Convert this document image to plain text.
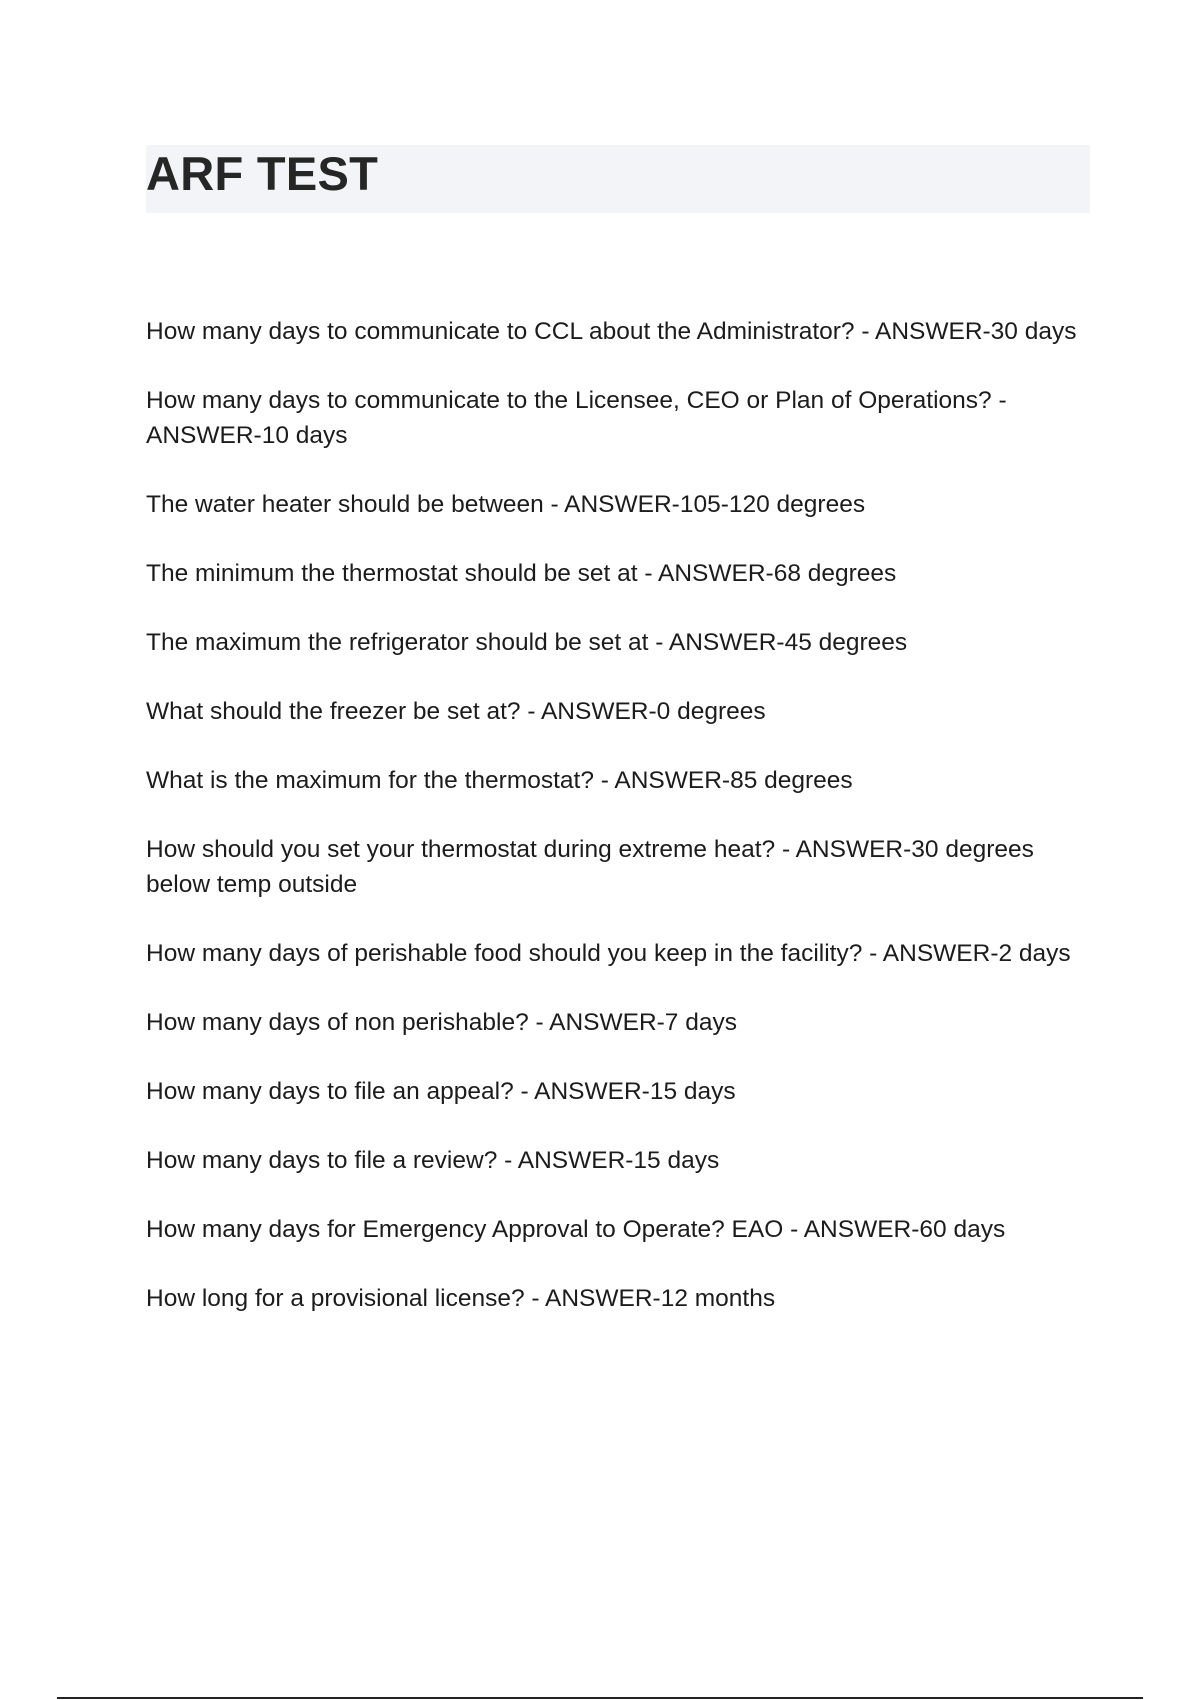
ARF TEST
How many days to communicate to CCL about the Administrator? - ANSWER-30 days
How many days to communicate to the Licensee, CEO or Plan of Operations? - ANSWER-10 days
The water heater should be between - ANSWER-105-120 degrees
The minimum the thermostat should be set at - ANSWER-68 degrees
The maximum the refrigerator should be set at - ANSWER-45 degrees
What should the freezer be set at? - ANSWER-0 degrees
What is the maximum for the thermostat? - ANSWER-85 degrees
How should you set your thermostat during extreme heat? - ANSWER-30 degrees below temp outside
How many days of perishable food should you keep in the facility? - ANSWER-2 days
How many days of non perishable? - ANSWER-7 days
How many days to file an appeal? - ANSWER-15 days
How many days to file a review? - ANSWER-15 days
How many days for Emergency Approval to Operate? EAO - ANSWER-60 days
How long for a provisional license? - ANSWER-12 months
